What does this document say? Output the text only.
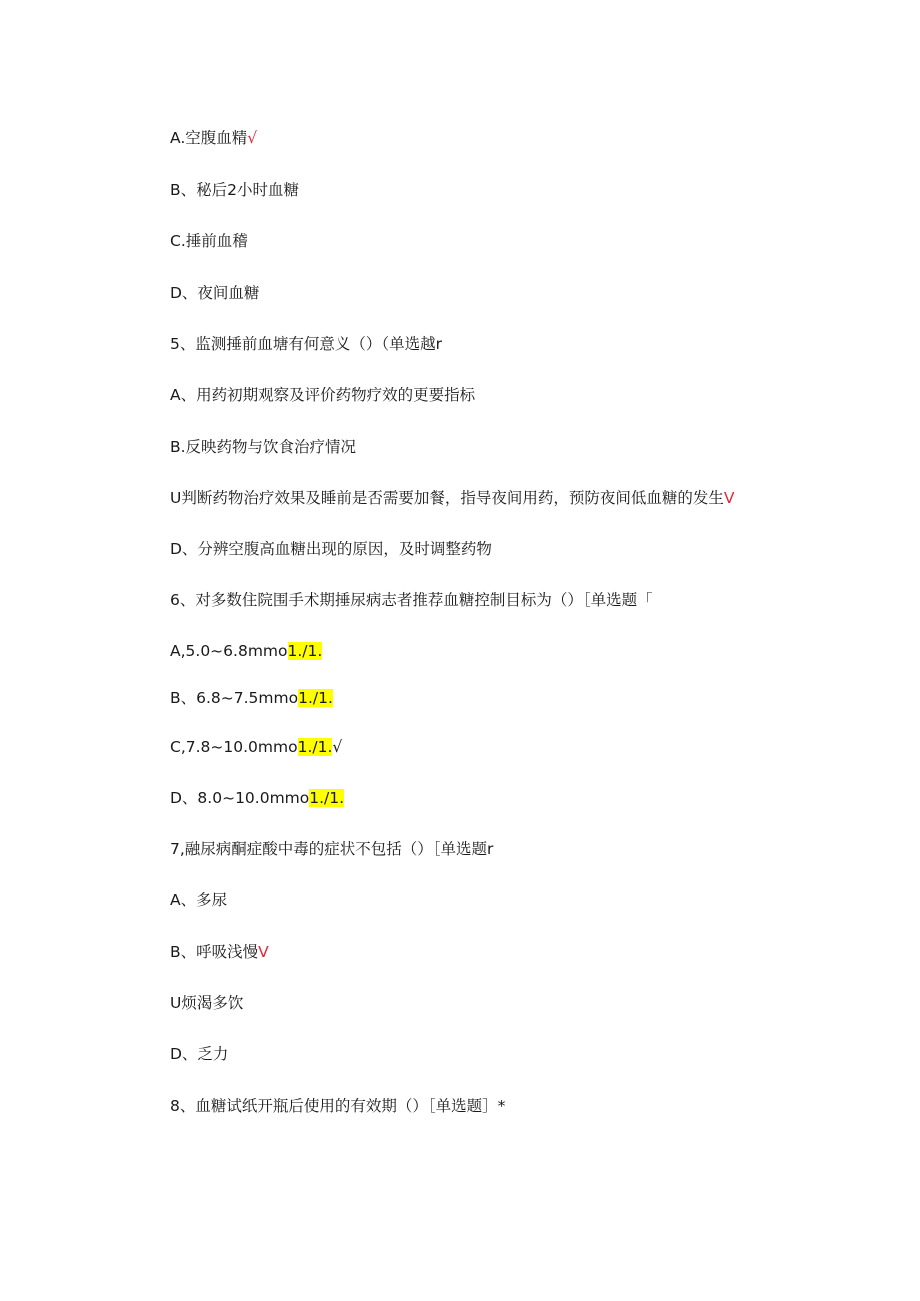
A.空腹血精√
B、秘后2小时血糖
C.捶前血稽
D、夜间血糖
5、监测捶前血塘有何意义（）（单选越r
A、用药初期观察及评价药物疗效的更要指标
B.反映药物与饮食治疗情况
U判断药物治疗效果及睡前是否需要加餐，指导夜间用药，预防夜间低血糖的发生V
D、分辨空腹高血糖出现的原因，及时调整药物
6、对多数住院围手术期捶尿病志者推荐血糖控制目标为（）［单选题「
A,5.0~6.8mmo1./1.
B、6.8~7.5mmo1./1.
C,7.8~10.0mmo1./1.√
D、8.0~10.0mmo1./1.
7,融尿病酮症酸中毒的症状不包括（）［单选题r
A、多尿
B、呼吸浅慢V
U烦渴多饮
D、乏力
8、血糖试纸开瓶后使用的有效期（）［单选题］*
